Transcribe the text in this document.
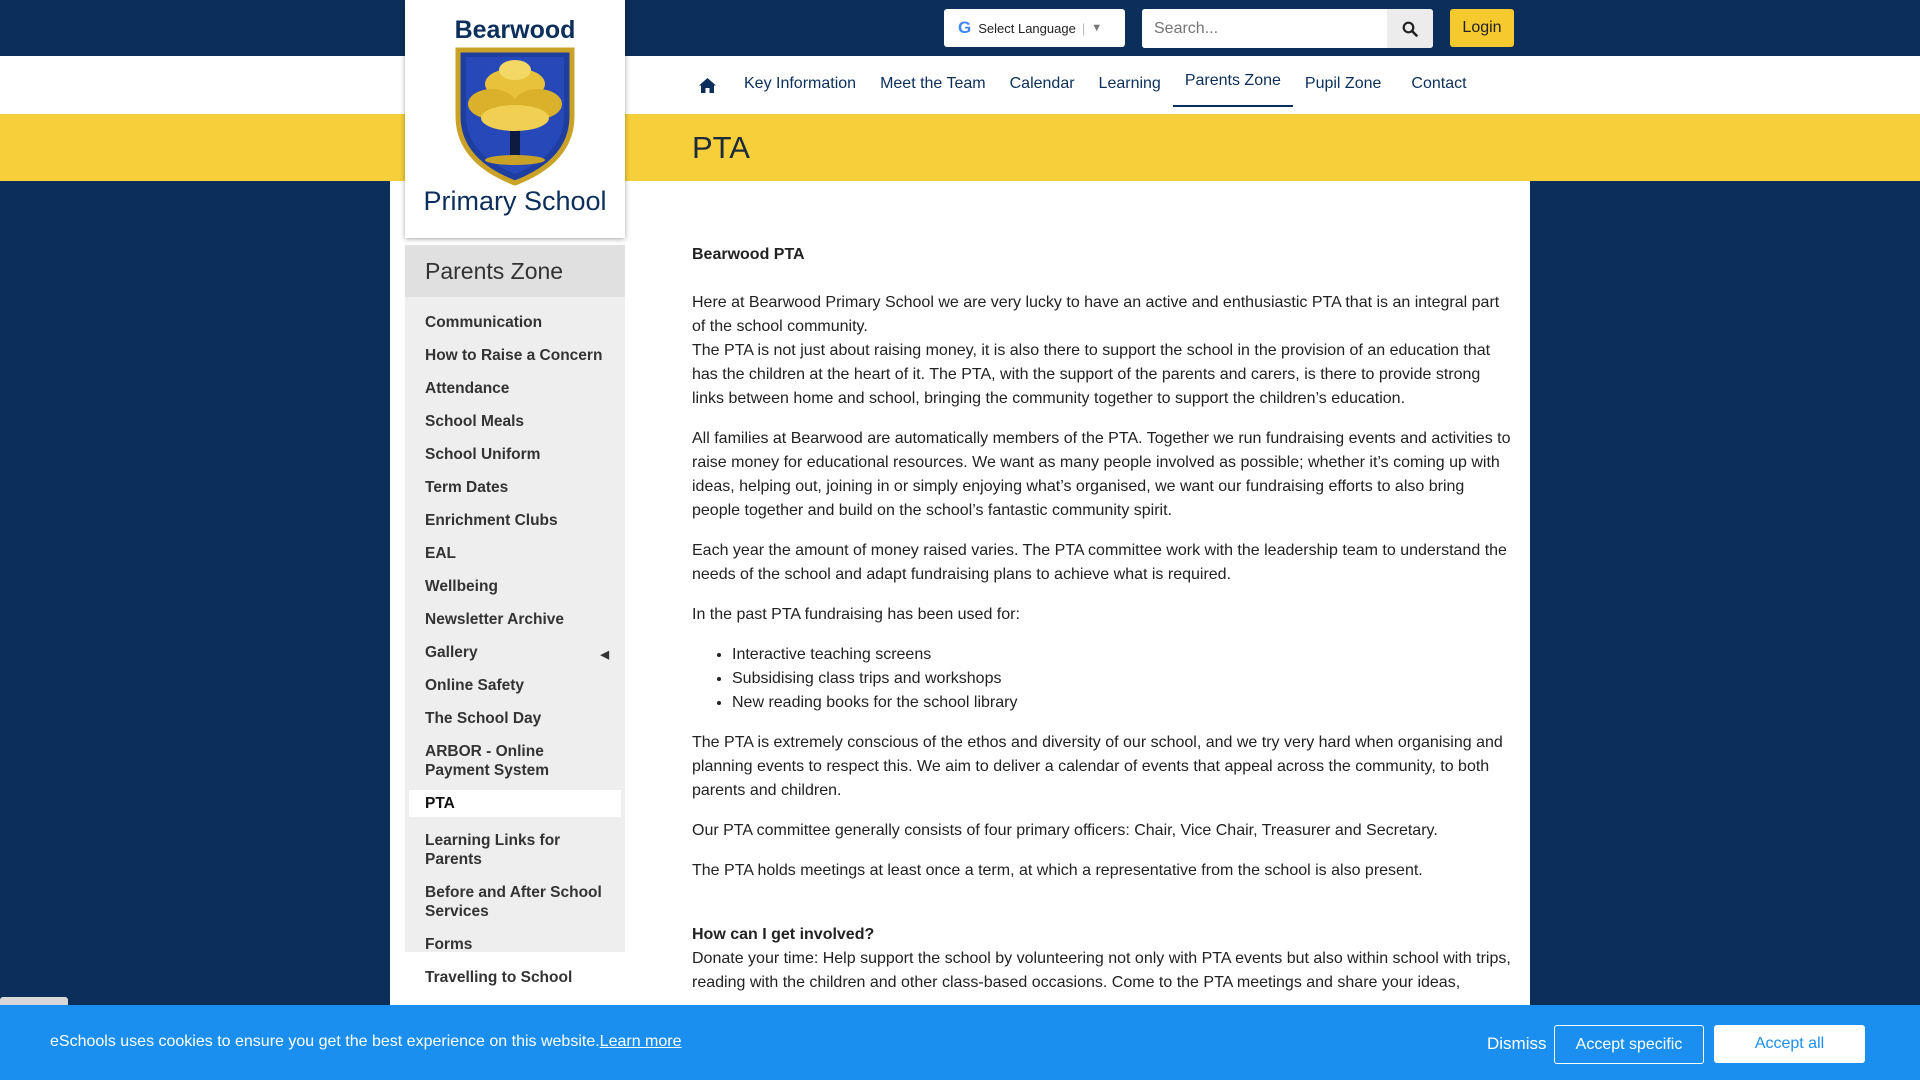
G Select Language | ▼
Search...	Login
Key Information	Meet the Team	Calendar	Learning	Parents Zone	Pupil Zone	Contact
PTA
Bearwood
Primary School
Parents Zone
Communication
How to Raise a Concern
Attendance
School Meals
School Uniform
Term Dates
Enrichment Clubs
EAL
Wellbeing
Newsletter Archive
Gallery	◀
Online Safety
The School Day
ARBOR - Online Payment System
PTA
Learning Links for Parents
Before and After School Services
Forms
Travelling to School

Bearwood PTA

Here at Bearwood Primary School we are very lucky to have an active and enthusiastic PTA that is an integral part of the school community.

The PTA is not just about raising money, it is also there to support the school in the provision of an education that has the children at the heart of it. The PTA, with the support of the parents and carers, is there to provide strong links between home and school, bringing the community together to support the children’s education.

All families at Bearwood are automatically members of the PTA. Together we run fundraising events and activities to raise money for educational resources. We want as many people involved as possible; whether it’s coming up with ideas, helping out, joining in or simply enjoying what’s organised, we want our fundraising efforts to also bring people together and build on the school’s fantastic community spirit.

Each year the amount of money raised varies. The PTA committee work with the leadership team to understand the needs of the school and adapt fundraising plans to achieve what is required.

In the past PTA fundraising has been used for:

• Interactive teaching screens
• Subsidising class trips and workshops
• New reading books for the school library

The PTA is extremely conscious of the ethos and diversity of our school, and we try very hard when organising and planning events to respect this. We aim to deliver a calendar of events that appeal across the community, to both parents and children.

Our PTA committee generally consists of four primary officers: Chair, Vice Chair, Treasurer and Secretary.

The PTA holds meetings at least once a term, at which a representative from the school is also present.

How can I get involved?

Donate your time: Help support the school by volunteering not only with PTA events but also within school with trips, reading with the children and other class-based occasions. Come to the PTA meetings and share your ideas,

eSchools uses cookies to ensure you get the best experience on this website.Learn more	Dismiss	Accept specific	Accept all
